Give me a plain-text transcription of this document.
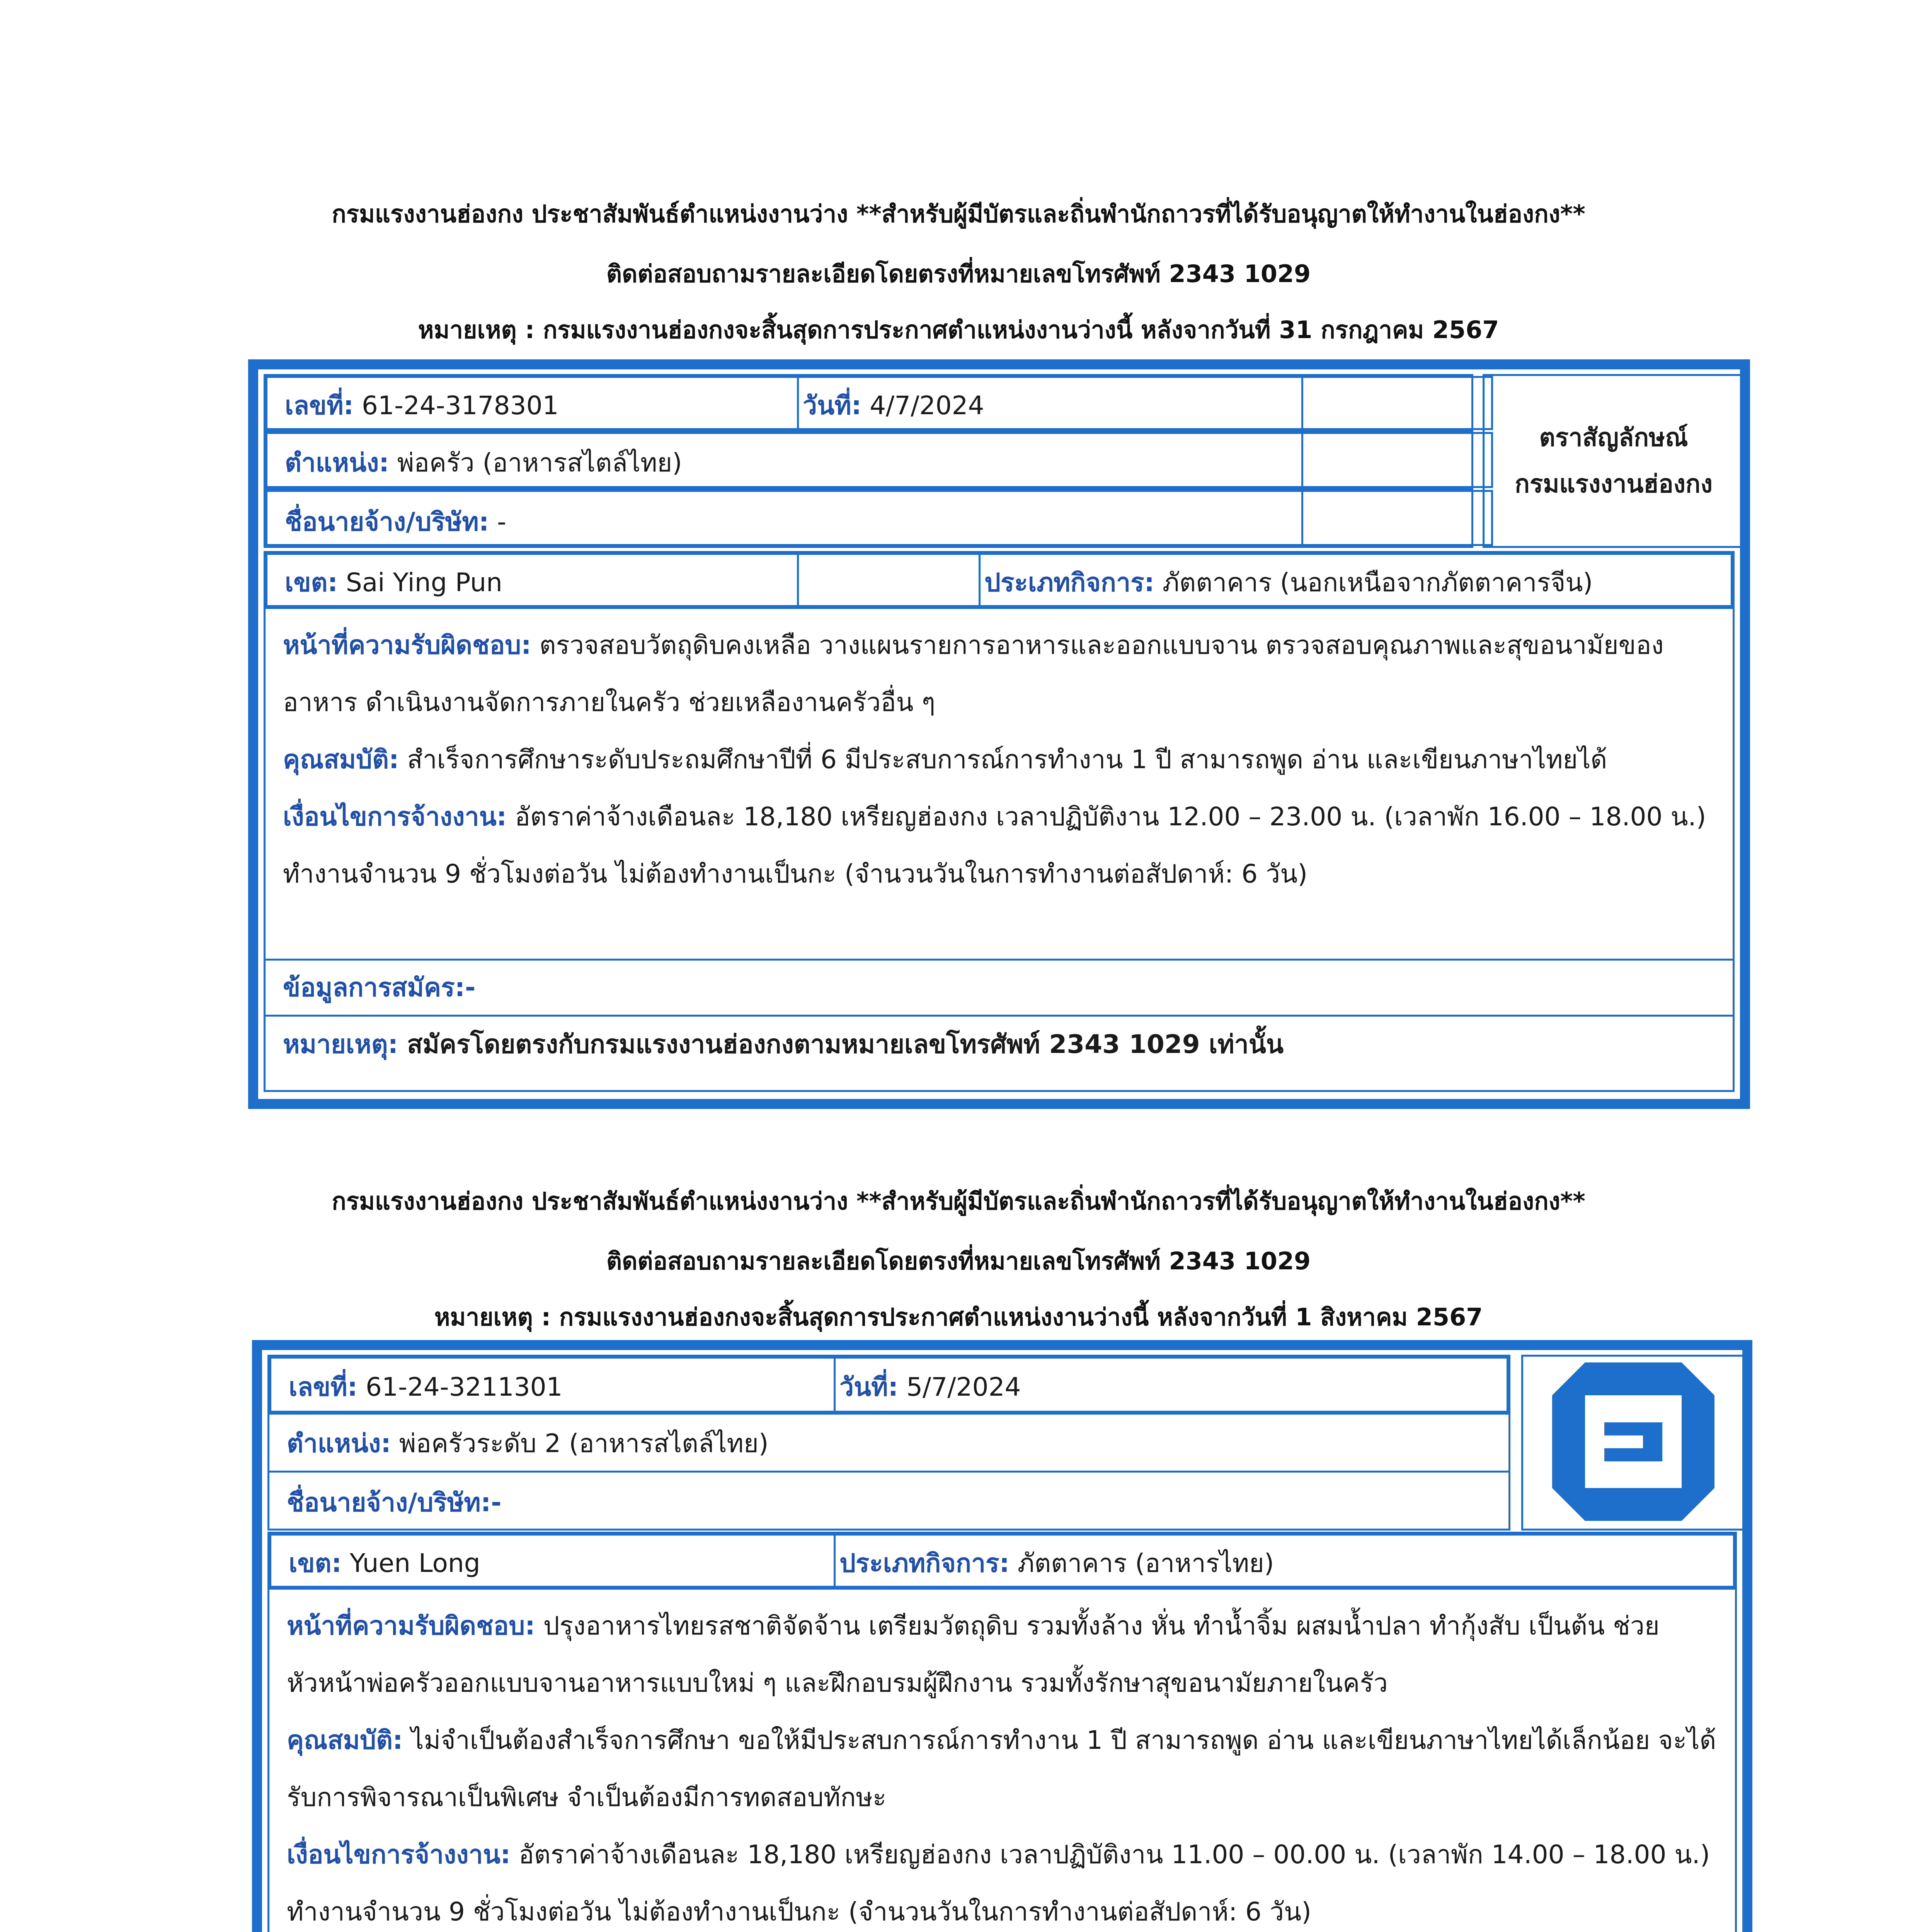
กรมแรงงานฮ่องกง ประชาสัมพันธ์ตำแหน่งงานว่าง **สำหรับผู้มีบัตรและถิ่นพำนักถาวรที่ได้รับอนุญาตให้ทำงานในฮ่องกง**
ติดต่อสอบถามรายละเอียดโดยตรงที่หมายเลขโทรศัพท์ 2343 1029
หมายเหตุ : กรมแรงงานฮ่องกงจะสิ้นสุดการประกาศตำแหน่งงานว่างนี้ หลังจากวันที่ 31 กรกฎาคม 2567
เลขที่: 61-24-3178301	วันที่: 4/7/2024
ตำแหน่ง: พ่อครัว (อาหารสไตล์ไทย)
ชื่อนายจ้าง/บริษัท: -
ตราสัญลักษณ์
กรมแรงงานฮ่องกง
เขต: Sai Ying Pun	ประเภทกิจการ: ภัตตาคาร (นอกเหนือจากภัตตาคารจีน)
หน้าที่ความรับผิดชอบ: ตรวจสอบวัตถุดิบคงเหลือ วางแผนรายการอาหารและออกแบบจาน ตรวจสอบคุณภาพและสุขอนามัยของอาหาร ดำเนินงานจัดการภายในครัว ช่วยเหลืองานครัวอื่น ๆ
คุณสมบัติ: สำเร็จการศึกษาระดับประถมศึกษาปีที่ 6 มีประสบการณ์การทำงาน 1 ปี สามารถพูด อ่าน และเขียนภาษาไทยได้
เงื่อนไขการจ้างงาน: อัตราค่าจ้างเดือนละ 18,180 เหรียญฮ่องกง เวลาปฏิบัติงาน 12.00 – 23.00 น. (เวลาพัก 16.00 – 18.00 น.) ทำงานจำนวน 9 ชั่วโมงต่อวัน ไม่ต้องทำงานเป็นกะ (จำนวนวันในการทำงานต่อสัปดาห์: 6 วัน)
ข้อมูลการสมัคร:-
หมายเหตุ: สมัครโดยตรงกับกรมแรงงานฮ่องกงตามหมายเลขโทรศัพท์ 2343 1029 เท่านั้น
กรมแรงงานฮ่องกง ประชาสัมพันธ์ตำแหน่งงานว่าง **สำหรับผู้มีบัตรและถิ่นพำนักถาวรที่ได้รับอนุญาตให้ทำงานในฮ่องกง**
ติดต่อสอบถามรายละเอียดโดยตรงที่หมายเลขโทรศัพท์ 2343 1029
หมายเหตุ : กรมแรงงานฮ่องกงจะสิ้นสุดการประกาศตำแหน่งงานว่างนี้ หลังจากวันที่ 1 สิงหาคม 2567
เลขที่: 61-24-3211301	วันที่: 5/7/2024
ตำแหน่ง: พ่อครัวระดับ 2 (อาหารสไตล์ไทย)
ชื่อนายจ้าง/บริษัท:-
เขต: Yuen Long	ประเภทกิจการ: ภัตตาคาร (อาหารไทย)
หน้าที่ความรับผิดชอบ: ปรุงอาหารไทยรสชาติจัดจ้าน เตรียมวัตถุดิบ รวมทั้งล้าง หั่น ทำน้ำจิ้ม ผสมน้ำปลา ทำกุ้งสับ เป็นต้น ช่วยหัวหน้าพ่อครัวออกแบบจานอาหารแบบใหม่ ๆ และฝึกอบรมผู้ฝึกงาน รวมทั้งรักษาสุขอนามัยภายในครัว
คุณสมบัติ: ไม่จำเป็นต้องสำเร็จการศึกษา ขอให้มีประสบการณ์การทำงาน 1 ปี สามารถพูด อ่าน และเขียนภาษาไทยได้เล็กน้อย จะได้รับการพิจารณาเป็นพิเศษ จำเป็นต้องมีการทดสอบทักษะ
เงื่อนไขการจ้างงาน: อัตราค่าจ้างเดือนละ 18,180 เหรียญฮ่องกง เวลาปฏิบัติงาน 11.00 – 00.00 น. (เวลาพัก 14.00 – 18.00 น.) ทำงานจำนวน 9 ชั่วโมงต่อวัน ไม่ต้องทำงานเป็นกะ (จำนวนวันในการทำงานต่อสัปดาห์: 6 วัน)
